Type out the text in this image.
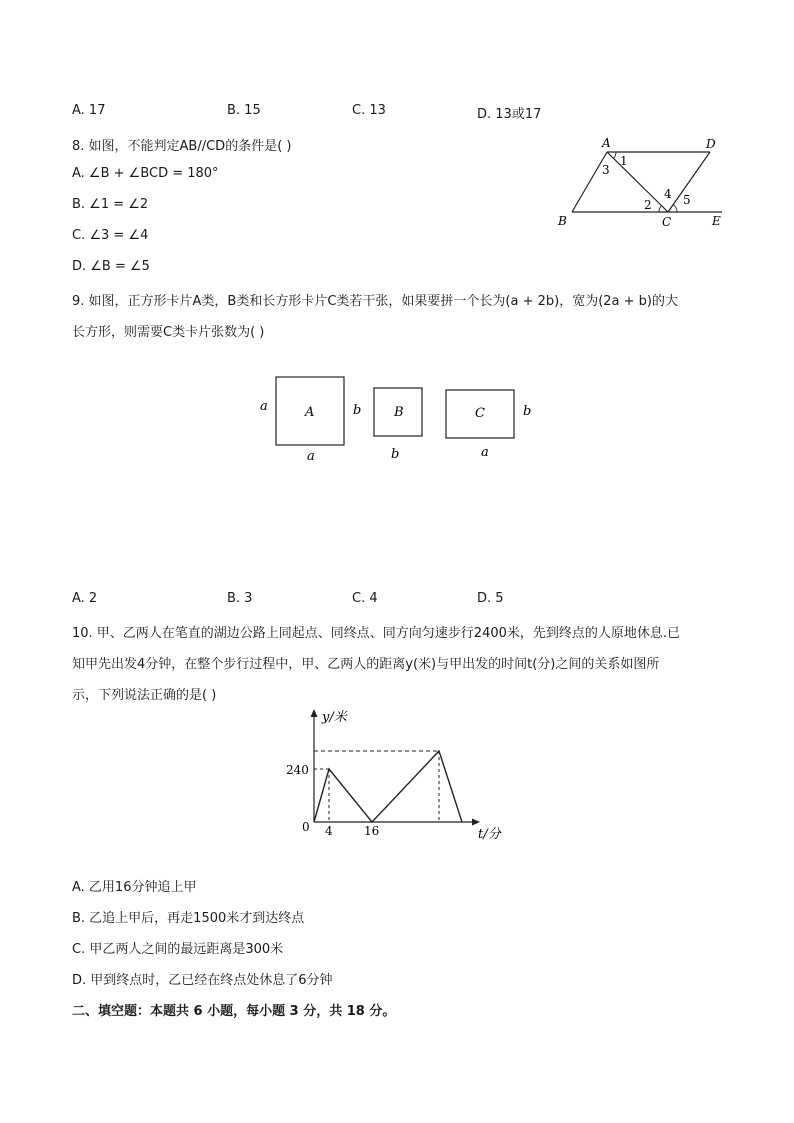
A. 17	B. 15	C. 13	D. 13或17
8. 如图，不能判定AB//CD的条件是( )
A. ∠B + ∠BCD = 180°
B. ∠1 = ∠2
C. ∠3 = ∠4
D. ∠B = ∠5
A	D
B	C	E
1
3
2
4 5
9. 如图，正方形卡片A类，B类和长方形卡片C类若干张，如果要拼一个长为(a + 2b)，宽为(2a + b)的大
长方形，则需要C类卡片张数为( )
A
a
a
b	B
b
C	b
a
A. 2	B. 3	C. 4	D. 5
10. 甲、乙两人在笔直的湖边公路上同起点、同终点、同方向匀速步行2400米，先到终点的人原地休息.已
知甲先出发4分钟，在整个步行过程中，甲、乙两人的距离y(米)与甲出发的时间t(分)之间的关系如图所
示，下列说法正确的是( )
y/米
t/分
0
240
4	16
A. 乙用16分钟追上甲
B. 乙追上甲后，再走1500米才到达终点
C. 甲乙两人之间的最远距离是300米
D. 甲到终点时，乙已经在终点处休息了6分钟
二、填空题：本题共 6 小题，每小题 3 分，共 18 分。
